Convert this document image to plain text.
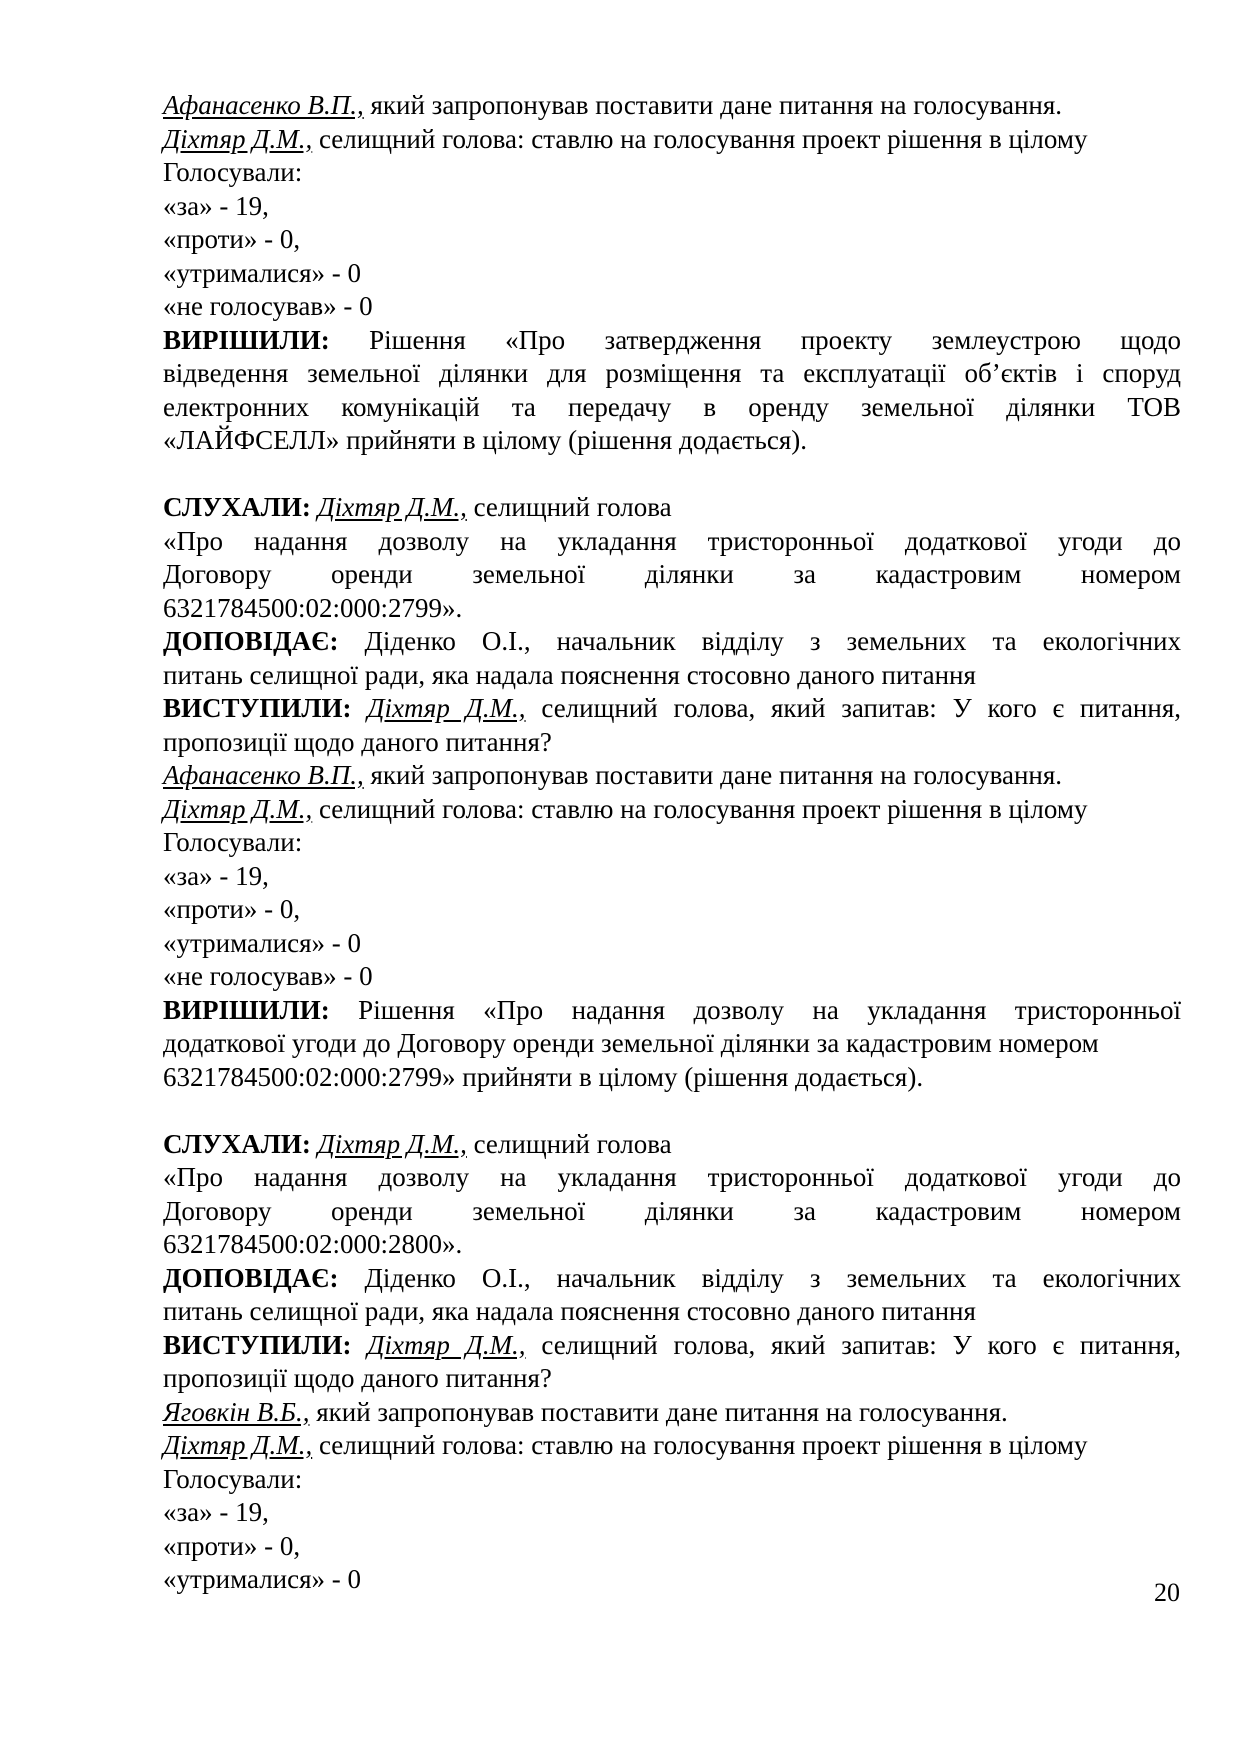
Афанасенко В.П., який запропонував поставити дане питання на голосування.
Діхтяр Д.М., селищний голова: ставлю на голосування проект рішення в цілому
Голосували:
«за» - 19,
«проти» - 0,
«утрималися» - 0
«не голосував» - 0
ВИРІШИЛИ: Рішення «Про затвердження проекту землеустрою щодо
відведення земельної ділянки для розміщення та експлуатації об’єктів і споруд
електронних комунікацій та передачу в оренду земельної ділянки ТОВ
«ЛАЙФСЕЛЛ» прийняти в цілому (рішення додається).
СЛУХАЛИ: Діхтяр Д.М., селищний голова
«Про надання дозволу на укладання тристоронньої додаткової угоди до
Договору оренди земельної ділянки за кадастровим номером
6321784500:02:000:2799».
ДОПОВІДАЄ: Діденко О.І., начальник відділу з земельних та екологічних
питань селищної ради, яка надала пояснення стосовно даного питання
ВИСТУПИЛИ: Діхтяр Д.М., селищний голова, який запитав: У кого є питання,
пропозиції щодо даного питання?
Афанасенко В.П., який запропонував поставити дане питання на голосування.
Діхтяр Д.М., селищний голова: ставлю на голосування проект рішення в цілому
Голосували:
«за» - 19,
«проти» - 0,
«утрималися» - 0
«не голосував» - 0
ВИРІШИЛИ: Рішення «Про надання дозволу на укладання тристоронньої
додаткової угоди до Договору оренди земельної ділянки за кадастровим номером
6321784500:02:000:2799» прийняти в цілому (рішення додається).
СЛУХАЛИ: Діхтяр Д.М., селищний голова
«Про надання дозволу на укладання тристоронньої додаткової угоди до
Договору оренди земельної ділянки за кадастровим номером
6321784500:02:000:2800».
ДОПОВІДАЄ: Діденко О.І., начальник відділу з земельних та екологічних
питань селищної ради, яка надала пояснення стосовно даного питання
ВИСТУПИЛИ: Діхтяр Д.М., селищний голова, який запитав: У кого є питання,
пропозиції щодо даного питання?
Яговкін В.Б., який запропонував поставити дане питання на голосування.
Діхтяр Д.М., селищний голова: ставлю на голосування проект рішення в цілому
Голосували:
«за» - 19,
«проти» - 0,
«утрималися» - 0	20
